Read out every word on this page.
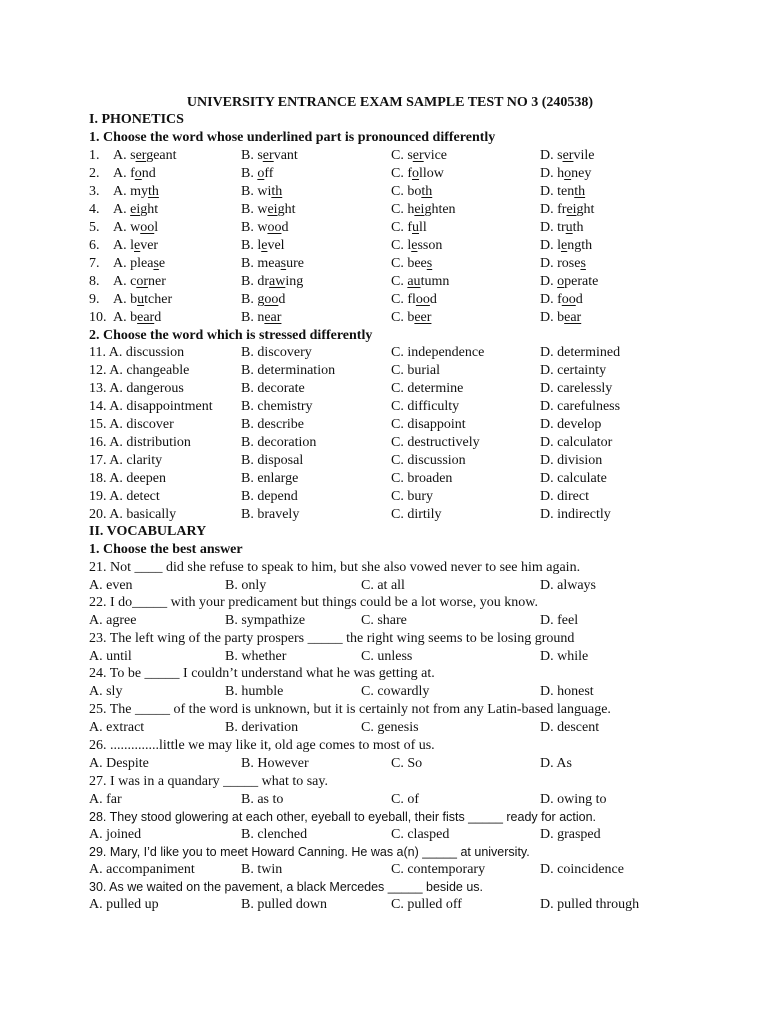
UNIVERSITY ENTRANCE EXAM SAMPLE TEST NO 3 (240538)
I. PHONETICS
1. Choose the word whose underlined part is pronounced differently
1. A. sergeant	B. servant	C. service	D. servile
2. A. fond	B. off	C. follow	D. honey
3. A. myth	B. with	C. both	D. tenth
4. A. eight	B. weight	C. heighten	D. freight
5. A. wool	B. wood	C. full	D. truth
6. A. lever	B. level	C. lesson	D. length
7. A. please	B. measure	C. bees	D. roses
8. A. corner	B. drawing	C. autumn	D. operate
9. A. butcher	B. good	C. flood	D. food
10. A. beard	B. near	C. beer	D. bear
2. Choose the word which is stressed differently
11. A. discussion	B. discovery	C. independence	D. determined
12. A. changeable	B. determination	C. burial	D. certainty
13. A. dangerous	B. decorate	C. determine	D. carelessly
14. A. disappointment B. chemistry	C. difficulty	D. carefulness
15. A. discover	B. describe	C. disappoint	D. develop
16. A. distribution	B. decoration	C. destructively	D. calculator
17. A. clarity	B. disposal	C. discussion	D. division
18. A. deepen	B. enlarge	C. broaden	D. calculate
19. A. detect	B. depend	C. bury	D. direct
20. A. basically	B. bravely	C. dirtily	D. indirectly
II. VOCABULARY
1. Choose the best answer
21. Not ____ did she refuse to speak to him, but she also vowed never to see him again.
A. even	B. only	C. at all	D. always
22. I do_____ with your predicament but things could be a lot worse, you know.
A. agree	B. sympathize	C. share	D. feel
23. The left wing of the party prospers _____ the right wing seems to be losing ground
A. until	B. whether	C. unless	D. while
24. To be _____ I couldn’t understand what he was getting at.
A. sly	B. humble	C. cowardly	D. honest
25. The _____ of the word is unknown, but it is certainly not from any Latin-based language.
A. extract	B. derivation	C. genesis	D. descent
26. ..............little we may like it, old age comes to most of us.
A. Despite	B. However	C. So	D. As
27. I was in a quandary _____ what to say.
A. far	B. as to	C. of	D. owing to
28. They stood glowering at each other, eyeball to eyeball, their fists _____ ready for action.
A. joined	B. clenched	C. clasped	D. grasped
29. Mary, I’d like you to meet Howard Canning. He was a(n) _____ at university.
A. accompaniment	B. twin	C. contemporary	D. coincidence
30. As we waited on the pavement, a black Mercedes _____ beside us.
A. pulled up	B. pulled down	C. pulled off	D. pulled through
